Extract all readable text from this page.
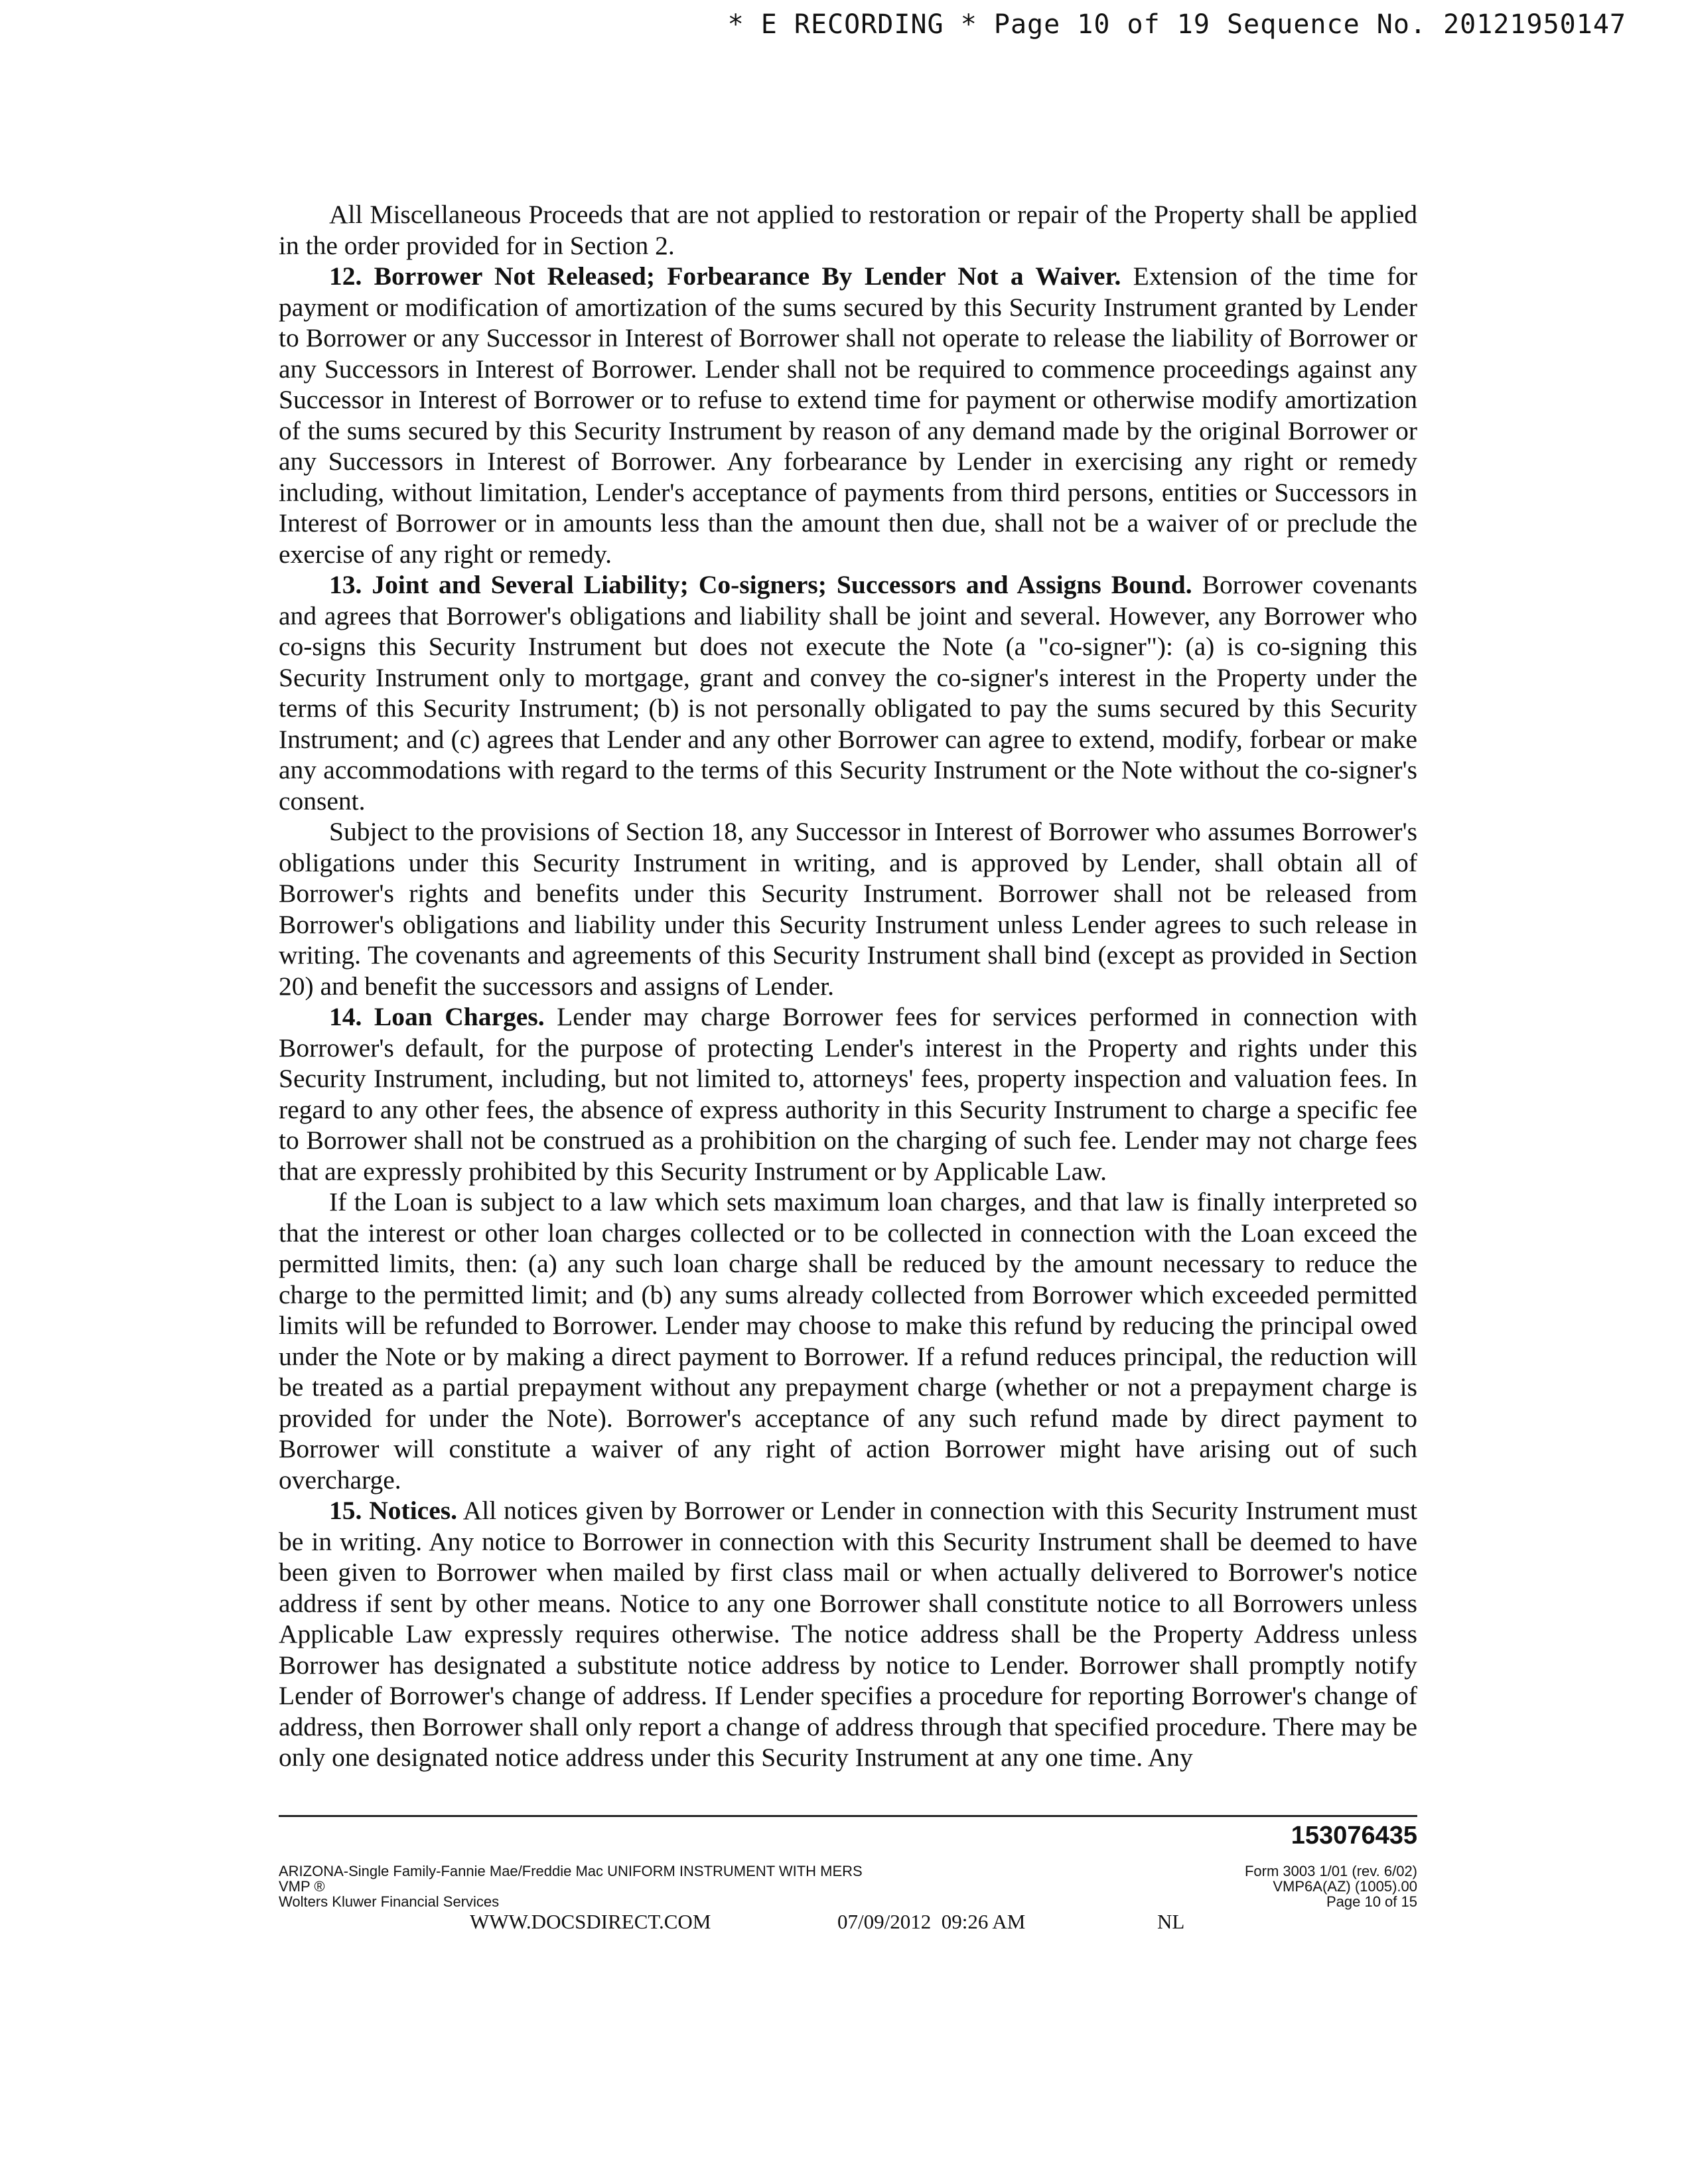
* E RECORDING * Page 10 of 19 Sequence No. 20121950147

All Miscellaneous Proceeds that are not applied to restoration or repair of the Property shall be applied in the order provided for in Section 2.

12. Borrower Not Released; Forbearance By Lender Not a Waiver. Extension of the time for payment or modification of amortization of the sums secured by this Security Instrument granted by Lender to Borrower or any Successor in Interest of Borrower shall not operate to release the liability of Borrower or any Successors in Interest of Borrower. Lender shall not be required to commence proceedings against any Successor in Interest of Borrower or to refuse to extend time for payment or otherwise modify amortization of the sums secured by this Security Instrument by reason of any demand made by the original Borrower or any Successors in Interest of Borrower. Any forbearance by Lender in exercising any right or remedy including, without limitation, Lender's acceptance of payments from third persons, entities or Successors in Interest of Borrower or in amounts less than the amount then due, shall not be a waiver of or preclude the exercise of any right or remedy.

13. Joint and Several Liability; Co-signers; Successors and Assigns Bound. Borrower covenants and agrees that Borrower's obligations and liability shall be joint and several. However, any Borrower who co-signs this Security Instrument but does not execute the Note (a "co-signer"): (a) is co-signing this Security Instrument only to mortgage, grant and convey the co-signer's interest in the Property under the terms of this Security Instrument; (b) is not personally obligated to pay the sums secured by this Security Instrument; and (c) agrees that Lender and any other Borrower can agree to extend, modify, forbear or make any accommodations with regard to the terms of this Security Instrument or the Note without the co-signer's consent.

Subject to the provisions of Section 18, any Successor in Interest of Borrower who assumes Borrower's obligations under this Security Instrument in writing, and is approved by Lender, shall obtain all of Borrower's rights and benefits under this Security Instrument. Borrower shall not be released from Borrower's obligations and liability under this Security Instrument unless Lender agrees to such release in writing. The covenants and agreements of this Security Instrument shall bind (except as provided in Section 20) and benefit the successors and assigns of Lender.

14. Loan Charges. Lender may charge Borrower fees for services performed in connection with Borrower's default, for the purpose of protecting Lender's interest in the Property and rights under this Security Instrument, including, but not limited to, attorneys' fees, property inspection and valuation fees. In regard to any other fees, the absence of express authority in this Security Instrument to charge a specific fee to Borrower shall not be construed as a prohibition on the charging of such fee. Lender may not charge fees that are expressly prohibited by this Security Instrument or by Applicable Law.

If the Loan is subject to a law which sets maximum loan charges, and that law is finally interpreted so that the interest or other loan charges collected or to be collected in connection with the Loan exceed the permitted limits, then: (a) any such loan charge shall be reduced by the amount necessary to reduce the charge to the permitted limit; and (b) any sums already collected from Borrower which exceeded permitted limits will be refunded to Borrower. Lender may choose to make this refund by reducing the principal owed under the Note or by making a direct payment to Borrower. If a refund reduces principal, the reduction will be treated as a partial prepayment without any prepayment charge (whether or not a prepayment charge is provided for under the Note). Borrower's acceptance of any such refund made by direct payment to Borrower will constitute a waiver of any right of action Borrower might have arising out of such overcharge.

15. Notices. All notices given by Borrower or Lender in connection with this Security Instrument must be in writing. Any notice to Borrower in connection with this Security Instrument shall be deemed to have been given to Borrower when mailed by first class mail or when actually delivered to Borrower's notice address if sent by other means. Notice to any one Borrower shall constitute notice to all Borrowers unless Applicable Law expressly requires otherwise. The notice address shall be the Property Address unless Borrower has designated a substitute notice address by notice to Lender. Borrower shall promptly notify Lender of Borrower's change of address. If Lender specifies a procedure for reporting Borrower's change of address, then Borrower shall only report a change of address through that specified procedure. There may be only one designated notice address under this Security Instrument at any one time. Any

153076435
ARIZONA-Single Family-Fannie Mae/Freddie Mac UNIFORM INSTRUMENT WITH MERS
VMP ®
Wolters Kluwer Financial Services
Form 3003 1/01 (rev. 6/02)
VMP6A(AZ) (1005).00
Page 10 of 15
WWW.DOCSDIRECT.COM	07/09/2012  09:26 AM	NL
